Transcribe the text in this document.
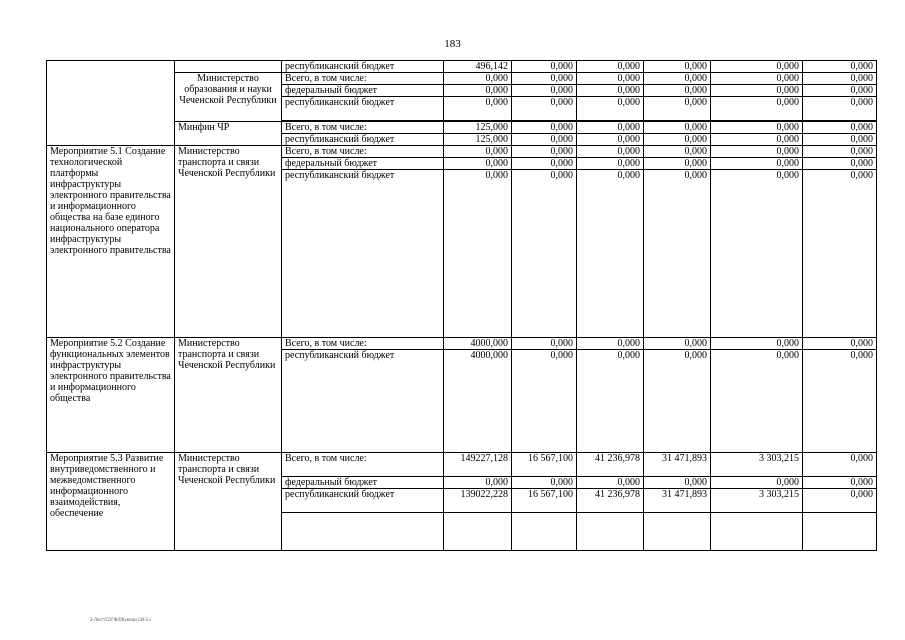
183
		республиканский бюджет	496,142	0,000	0,000	0,000	0,000	0,000
	Министерство образования и науки Чеченской Республики	Всего, в том числе:	0,000	0,000	0,000	0,000	0,000	0,000
		федеральный бюджет	0,000	0,000	0,000	0,000	0,000	0,000
		республиканский бюджет	0,000	0,000	0,000	0,000	0,000	0,000

	Минфин ЧР	Всего, в том числе:	125,000	0,000	0,000	0,000	0,000	0,000
		республиканский бюджет	125,000	0,000	0,000	0,000	0,000	0,000
Мероприятие 5.1 Создание технологической платформы инфраструктуры электронного правительства и информационного общества на базе единого национального оператора инфраструктуры электронного правительства	Министерство транспорта и связи Чеченской Республики	Всего, в том числе:	0,000	0,000	0,000	0,000	0,000	0,000
		федеральный бюджет	0,000	0,000	0,000	0,000	0,000	0,000
		республиканский бюджет	0,000	0,000	0,000	0,000	0,000	0,000
Мероприятие 5.2 Создание функциональных элементов инфраструктуры электронного правительства и информационного общества	Министерство транспорта и связи Чеченской Республики	Всего, в том числе:	4000,000	0,000	0,000	0,000	0,000	0,000
		республиканский бюджет	4000,000	0,000	0,000	0,000	0,000	0,000
Мероприятие 5.3 Развитие внутриведомственного и межведомственного информационного взаимодействия, обеспечение	Министерство транспорта и связи Чеченской Республики	Всего, в том числе:	149227,128	16 567,100	41 236,978	31 471,893	3 303,215	0,000
		федеральный бюджет	0,000	0,000	0,000	0,000	0,000	0,000
		республиканский бюджет	139022,228	16 567,100	41 236,978	31 471,893	3 303,215	0,000

2-Лист/СОГФ/Обуведи.CИ-3.с
